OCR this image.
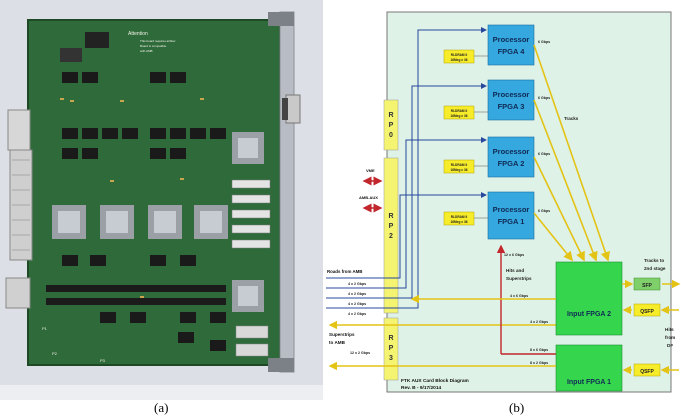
Attention
This board requires airflow
Board is compatible
with AMB
P1
P2
P3
R
P
0
R
P
2
R
P
3
VME
AMB-AUX
Processor
FPGA 4
Processor
FPGA 3
Processor
FPGA 2
Processor
FPGA 1
RLDRAM II
16Meg x 36
RLDRAM II
16Meg x 36
RLDRAM II
16Meg x 36
RLDRAM II
16Meg x 36
6 Gbps
6 Gbps
6 Gbps
6 Gbps
Tracks
Roads from AMB
4 x 2 Gbps
4 x 2 Gbps
4 x 2 Gbps
4 x 2 Gbps
Superstrips
to AMB
12 x 2 Gbps
12 x 6 Gbps
Hits and
Superstrips
Input FPGA 2
Input FPGA 1
4 x 6 Gbps
4 x 2 Gbps
8 x 6 Gbps
8 x 2 Gbps
SFP
QSFP
QSFP
Tracks to
2nd stage
Hits
from
DF
FTK AUX Card Block Diagram
Rev. B - 9/17/2014
(a)	(b)
